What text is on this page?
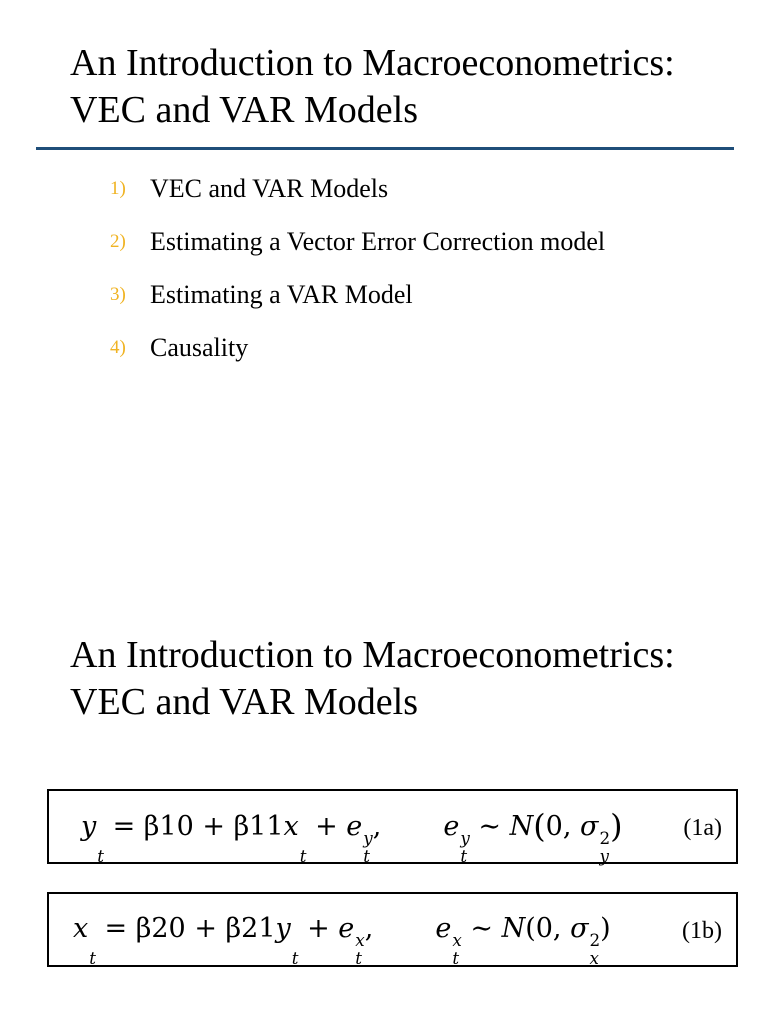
An Introduction to Macroeconometrics:
VEC and VAR Models
1) VEC and VAR Models
2) Estimating a Vector Error Correction model
3) Estimating a VAR Model
4) Causality
An Introduction to Macroeconometrics:
VEC and VAR Models
y

t
= β10 + β11x

t
+ e y
t
, e y
t
∼ N(0, σ 2
y
)	(1a)
x

t
= β20 + β21y

t
+ e x
t
, e x
t
∼ N(0, σ 2
x
)	(1b)
